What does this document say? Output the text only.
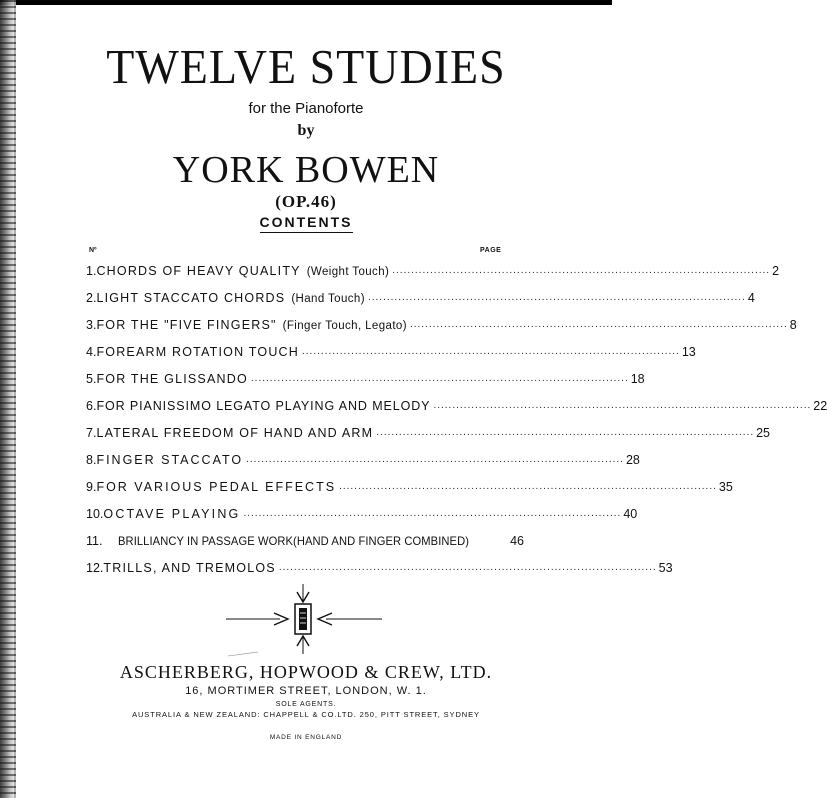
TWELVE STUDIES
for the Pianoforte
by
YORK BOWEN
(OP.46)
CONTENTS
Nº	PAGE
1. CHORDS OF HEAVY QUALITY (Weight Touch) .................................................................................................... 2
2. LIGHT STACCATO CHORDS (Hand Touch) .................................................................................................... 4
3. FOR THE "FIVE FINGERS" (Finger Touch, Legato) .................................................................................................... 8
4. FOREARM ROTATION TOUCH .................................................................................................... 13
5. FOR THE GLISSANDO .................................................................................................... 18
6. FOR PIANISSIMO LEGATO PLAYING AND MELODY .................................................................................................... 22
7. LATERAL FREEDOM OF HAND AND ARM .................................................................................................... 25
8. FINGER STACCATO .................................................................................................... 28
9. FOR VARIOUS PEDAL EFFECTS .................................................................................................... 35
10. OCTAVE PLAYING .................................................................................................... 40
11.	BRILLIANCY IN PASSAGE WORK(HAND AND FINGER COMBINED)	46
12. TRILLS, AND TREMOLOS .................................................................................................... 53
ASCHERBERG, HOPWOOD & CREW, LTD.
16, MORTIMER STREET, LONDON, W. 1.
SOLE AGENTS.
AUSTRALIA & NEW ZEALAND: CHAPPELL & CO.LTD. 250, PITT STREET, SYDNEY
MADE IN ENGLAND
